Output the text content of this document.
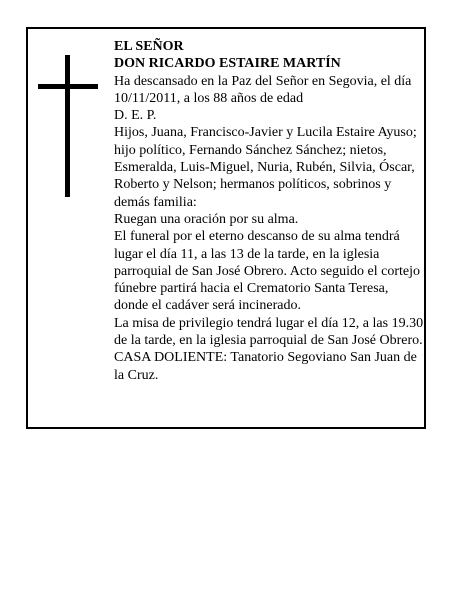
EL SEÑOR

DON RICARDO ESTAIRE MARTÍN

Ha descansado en la Paz del Señor en Segovia, el día 10/11/2011, a los 88 años de edad

D. E. P.

Hijos, Juana, Francisco-Javier y Lucila Estaire Ayuso; hijo político, Fernando Sánchez Sánchez; nietos, Esmeralda, Luis-Miguel, Nuria, Rubén, Silvia, Óscar, Roberto y Nelson; hermanos políticos, sobrinos y demás familia:

Ruegan una oración por su alma.

El funeral por el eterno descanso de su alma tendrá lugar el día 11, a las 13 de la tarde, en la iglesia parroquial de San José Obrero. Acto seguido el cortejo fúnebre partirá hacia el Crematorio Santa Teresa, donde el cadáver será incinerado.

La misa de privilegio tendrá lugar el día 12, a las 19.30 de la tarde, en la iglesia parroquial de San José Obrero.

CASA DOLIENTE: Tanatorio Segoviano San Juan de la Cruz.
